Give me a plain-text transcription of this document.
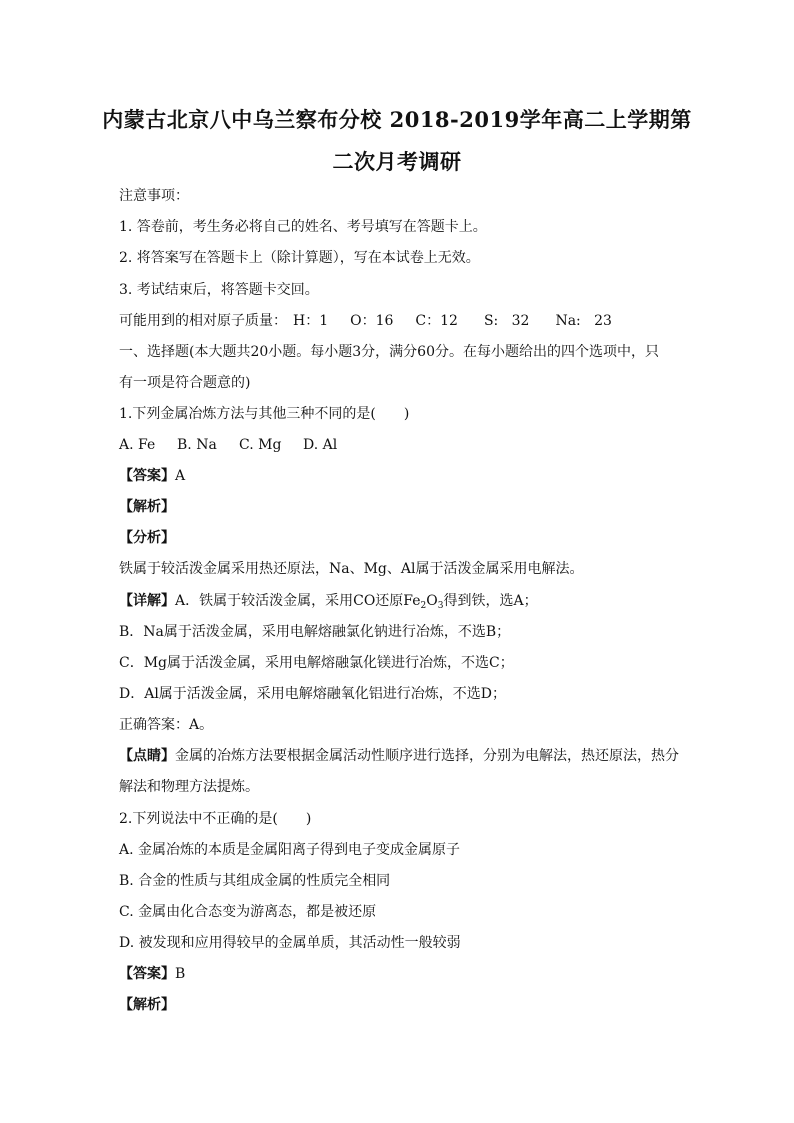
内蒙古北京八中乌兰察布分校 2018-2019学年高二上学期第
二次月考调研
注意事项：
1. 答卷前，考生务必将自己的姓名、考号填写在答题卡上。
2. 将答案写在答题卡上（除计算题），写在本试卷上无效。
3. 考试结束后，将答题卡交回。
可能用到的相对原子质量： H：1 O：16 C：12 S:   32 Na:   23
一、选择题(本大题共20小题。每小题3分，满分60分。在每小题给出的四个选项中，只
有一项是符合题意的)
1.下列金属冶炼方法与其他三种不同的是(　　)
A. Fe B. Na C. Mg D. Al
【答案】A
【解析】
【分析】
铁属于较活泼金属采用热还原法，Na、Mg、Al属于活泼金属采用电解法。
【详解】A．铁属于较活泼金属，采用CO还原$Fe_2O_3$得到铁，选A；
B．Na属于活泼金属，采用电解熔融氯化钠进行冶炼，不选B；
C．Mg属于活泼金属，采用电解熔融氯化镁进行冶炼，不选C；
D．Al属于活泼金属，采用电解熔融氧化铝进行冶炼，不选D；
正确答案：A。
【点睛】金属的冶炼方法要根据金属活动性顺序进行选择，分别为电解法，热还原法，热分
解法和物理方法提炼。
2.下列说法中不正确的是(　　)
A. 金属冶炼的本质是金属阳离子得到电子变成金属原子
B. 合金的性质与其组成金属的性质完全相同
C. 金属由化合态变为游离态，都是被还原
D. 被发现和应用得较早的金属单质，其活动性一般较弱
【答案】B
【解析】
